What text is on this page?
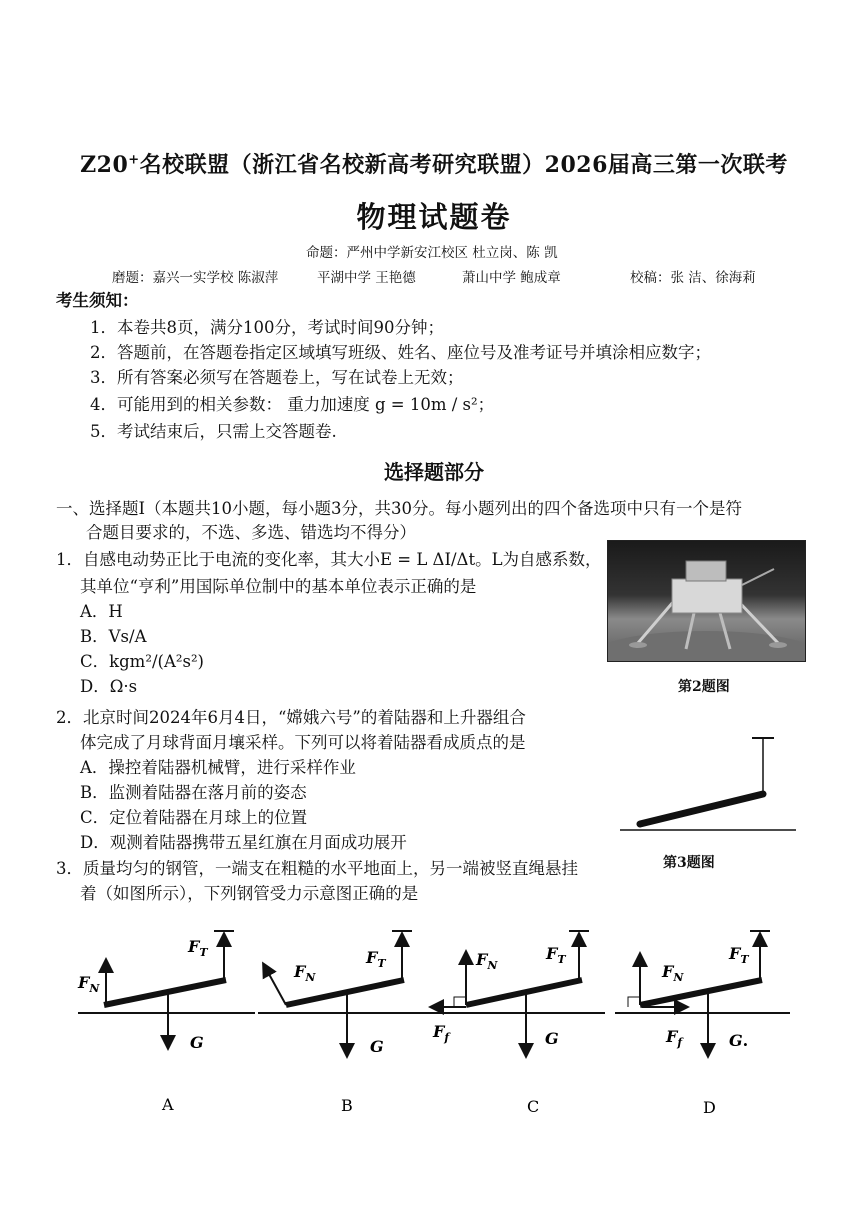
Z20+名校联盟（浙江省名校新高考研究联盟）2026届高三第一次联考
物理试题卷
命题：严州中学新安江校区 杜立岗、陈 凯
磨题：嘉兴一实学校 陈淑萍	平湖中学 王艳德	萧山中学 鲍成章	校稿：张 洁、徐海莉
考生须知：
1．本卷共8页，满分100分，考试时间90分钟；
2．答题前，在答题卷指定区域填写班级、姓名、座位号及准考证号并填涂相应数字；
3．所有答案必须写在答题卷上，写在试卷上无效；
4．可能用到的相关参数： 重力加速度 g = 10m / s²；
5．考试结束后，只需上交答题卷.
选择题部分
一、选择题Ⅰ（本题共10小题，每小题3分，共30分。每小题列出的四个备选项中只有一个是符
合题目要求的，不选、多选、错选均不得分）
1．自感电动势正比于电流的变化率，其大小E = L ΔI/Δt。L为自感系数，
其单位“亨利”用国际单位制中的基本单位表示正确的是
A．H
B．Vs/A
C．kgm²/(A²s²)
D．Ω·s	第2题图
2．北京时间2024年6月4日，“嫦娥六号”的着陆器和上升器组合
体完成了月球背面月壤采样。下列可以将着陆器看成质点的是
A．操控着陆器机械臂，进行采样作业
B．监测着陆器在落月前的姿态
C．定位着陆器在月球上的位置
D．观测着陆器携带五星红旗在月面成功展开
第3题图
3．质量均匀的钢管，一端支在粗糙的水平地面上，另一端被竖直绳悬挂
着（如图所示），下列钢管受力示意图正确的是
$F_T$
$F_N$
G
$F_T$
$F_N$
G
$F_T$
$F_N$
$F_f$	G
$F_T$
$F_N$
$F_f$	G.
A	B	C	D
